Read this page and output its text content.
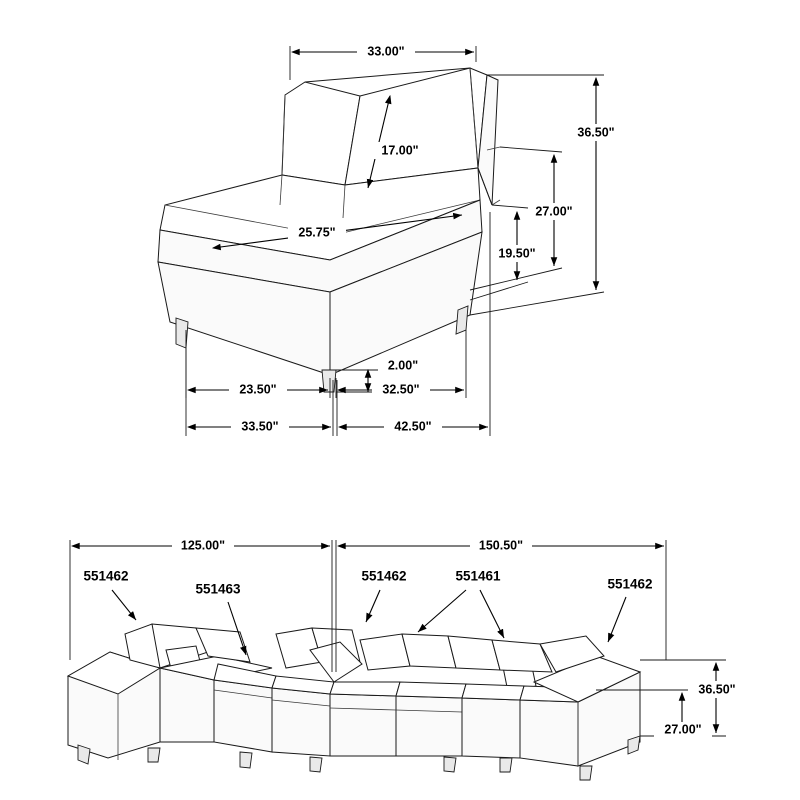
33.00"
17.00"
25.75"
36.50"
27.00"
19.50"
2.00"
23.50"	32.50"
33.50"	42.50"
125.00"	150.50"
36.50"
27.00"
551462
551463
551462	551461
551462
